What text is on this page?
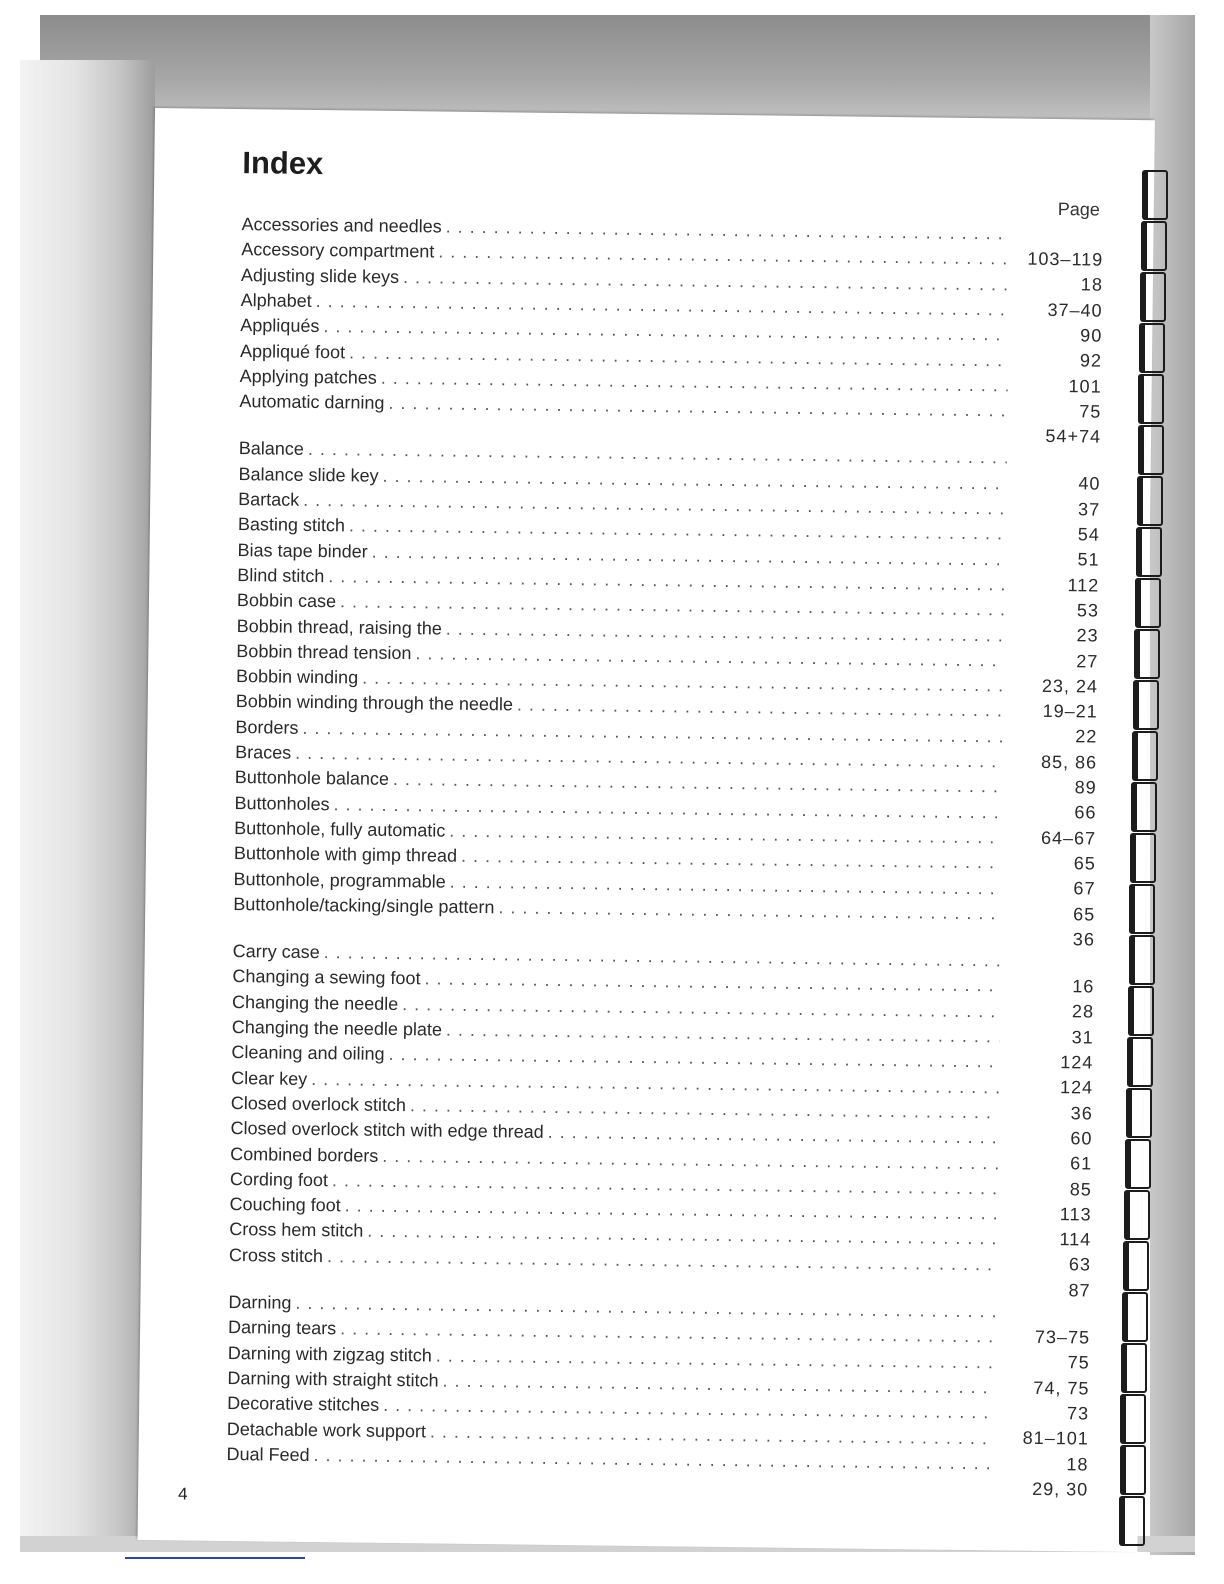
Index
Page
Accessories and needles
. . .
Accessory compartment
. . .
Adjusting slide keys
. . .
Alphabet
. . .
Appliqués
. . .
Appliqué foot
. . .
Applying patches
. . .
Automatic darning
. . .
Balance
. . .
Balance slide key
. . .
Bartack
. . .
Basting stitch
. . .
Bias tape binder
. . .
Blind stitch
. . .
Bobbin case
. . .
Bobbin thread, raising the
. . .
Bobbin thread tension
. . .
Bobbin winding
. . .
Bobbin winding through the needle
. . .
Borders
. . .
Braces
. . .
Buttonhole balance
. . .
Buttonholes
. . .
Buttonhole, fully automatic
. . .
Buttonhole with gimp thread
. . .
Buttonhole, programmable
. . .
Buttonhole/tacking/single pattern
. . .
Carry case
. . .
Changing a sewing foot
. . .
Changing the needle
. . .
Changing the needle plate
. . .
Cleaning and oiling
. . .
Clear key
. . .
Closed overlock stitch
. . .
Closed overlock stitch with edge thread
. . .
Combined borders
. . .
Cording foot
. . .
Couching foot
. . .
Cross hem stitch
. . .
Cross stitch
. . .
Darning
. . .
Darning tears
. . .
Darning with zigzag stitch
. . .
Darning with straight stitch
. . .
Decorative stitches
. . .
Detachable work support
. . .
Dual Feed
. . .
103–119
18
37–40
90
92
101
75
54+74
40
37
54
51
112
53
23
27
23, 24
19–21
22
85, 86
89
66
64–67
65
67
65
36
16
28
31
124
124
36
60
61
85
113
114
63
87
73–75
75
74, 75
73
81–101
18
29, 30
4
